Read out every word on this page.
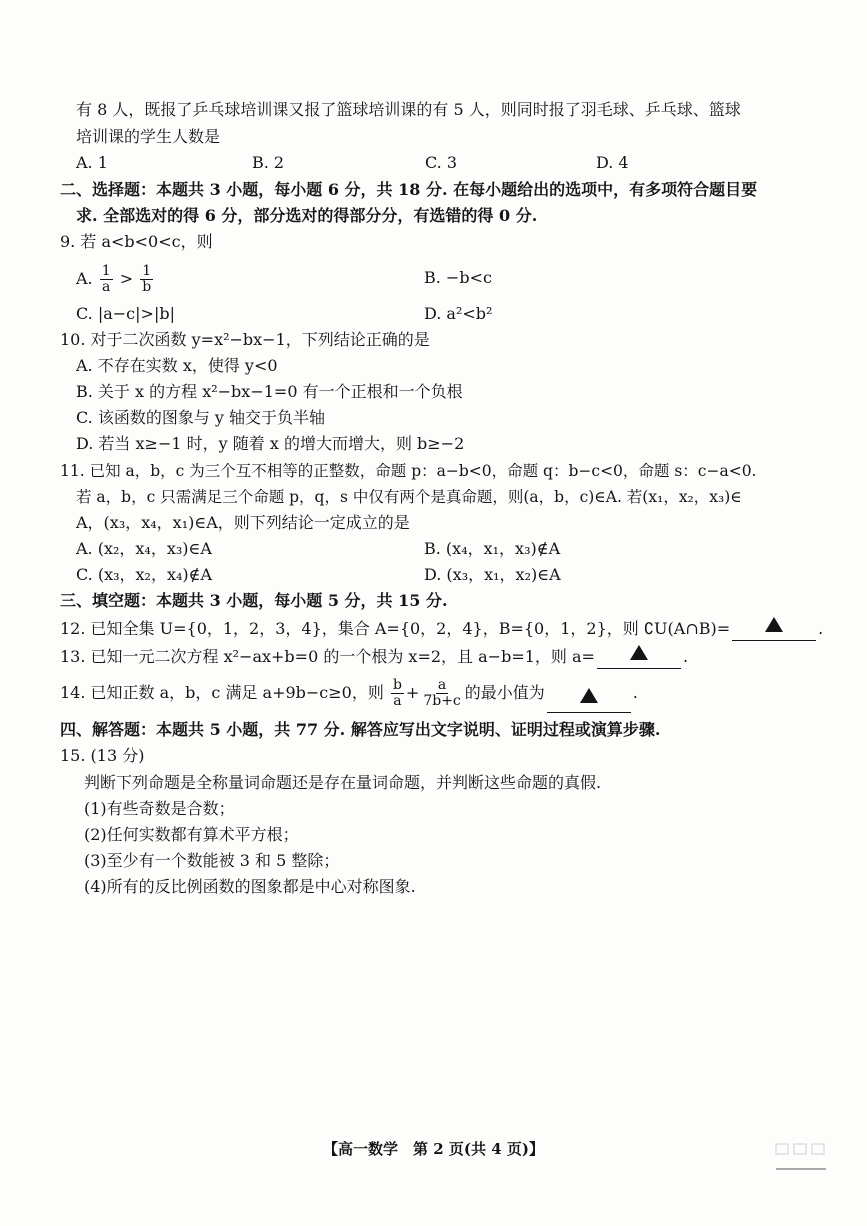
有 8 人，既报了乒乓球培训课又报了篮球培训课的有 5 人，则同时报了羽毛球、乒乓球、篮球
培训课的学生人数是
A. 1	B. 2	C. 3	D. 4
二、选择题：本题共 3 小题，每小题 6 分，共 18 分. 在每小题给出的选项中，有多项符合题目要
求. 全部选对的得 6 分，部分选对的得部分分，有选错的得 0 分.
9. 若 a<b<0<c，则
A. $\frac{1}{a} > \frac{1}{b}$	B. −b<c
C. |a−c|>|b|	D. a²<b²
10. 对于二次函数 y=x²−bx−1，下列结论正确的是
A. 不存在实数 x，使得 y<0
B. 关于 x 的方程 x²−bx−1=0 有一个正根和一个负根
C. 该函数的图象与 y 轴交于负半轴
D. 若当 x≥−1 时，y 随着 x 的增大而增大，则 b≥−2
11. 已知 a，b，c 为三个互不相等的正整数，命题 p：a−b<0，命题 q：b−c<0，命题 s：c−a<0.
若 a，b，c 只需满足三个命题 p，q，s 中仅有两个是真命题，则(a，b，c)∈A. 若(x₁，x₂，x₃)∈
A，(x₃，x₄，x₁)∈A，则下列结论一定成立的是
A. (x₂，x₄，x₃)∈A	B. (x₄，x₁，x₃)∉A
C. (x₃，x₂，x₄)∉A	D. (x₃，x₁，x₂)∈A
三、填空题：本题共 3 小题，每小题 5 分，共 15 分.
12. 已知全集 U={0，1，2，3，4}，集合 A={0，2，4}，B={0，1，2}，则 ∁U(A∩B)=	.
13. 已知一元二次方程 x²−ax+b=0 的一个根为 x=2，且 a−b=1，则 a=	.
14. 已知正数 a，b，c 满足 a+9b−c≥0，则 $\frac{b}{a} + \frac{a}{7b+c}$ 的最小值为	.
四、解答题：本题共 5 小题，共 77 分. 解答应写出文字说明、证明过程或演算步骤.
15. (13 分)
判断下列命题是全称量词命题还是存在量词命题，并判断这些命题的真假.
(1)有些奇数是合数；
(2)任何实数都有算术平方根；
(3)至少有一个数能被 3 和 5 整除；
(4)所有的反比例函数的图象都是中心对称图象.
【高一数学　第 2 页(共 4 页)】
